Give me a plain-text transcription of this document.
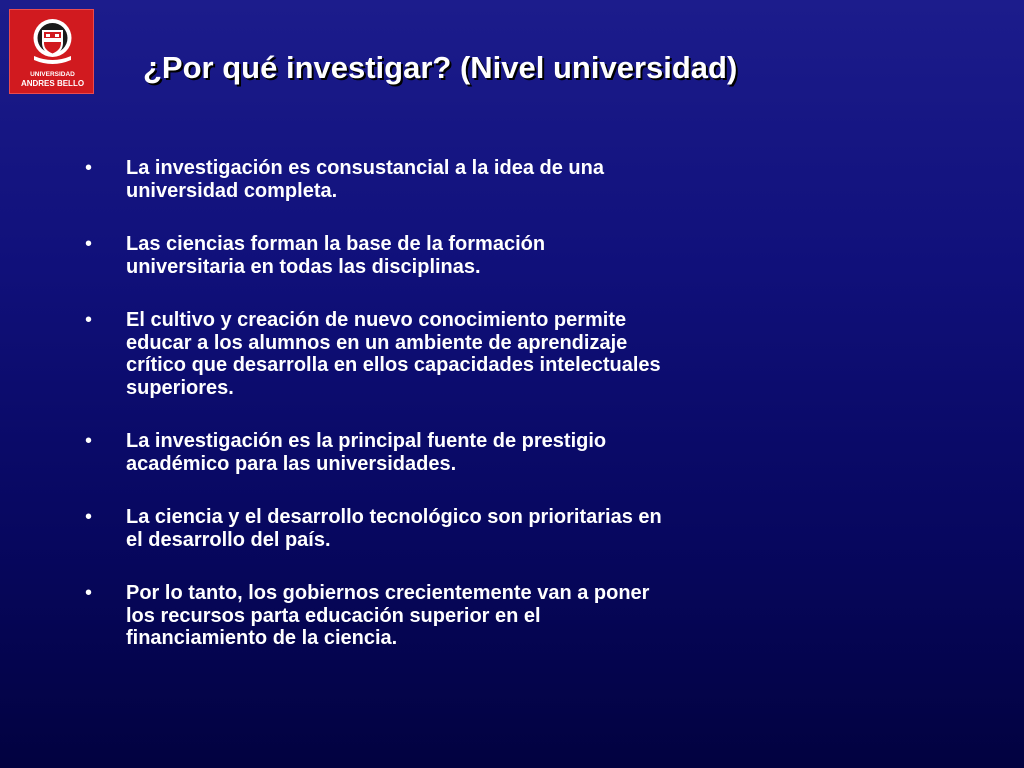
UNIVERSIDAD
ANDRES BELLO	¿Por qué investigar? (Nivel universidad)
• La investigación es consustancial a la idea de una universidad completa.
• Las ciencias forman la base de la formación universitaria en todas las disciplinas.
• El cultivo y creación de nuevo conocimiento permite educar a los alumnos en un ambiente de aprendizaje crítico que desarrolla en ellos capacidades intelectuales superiores.
• La investigación es la principal fuente de prestigio académico para las universidades.
• La ciencia y el desarrollo tecnológico son prioritarias en el desarrollo del país.
• Por lo tanto, los gobiernos crecientemente van a poner los recursos parta educación superior en el financiamiento de la ciencia.
